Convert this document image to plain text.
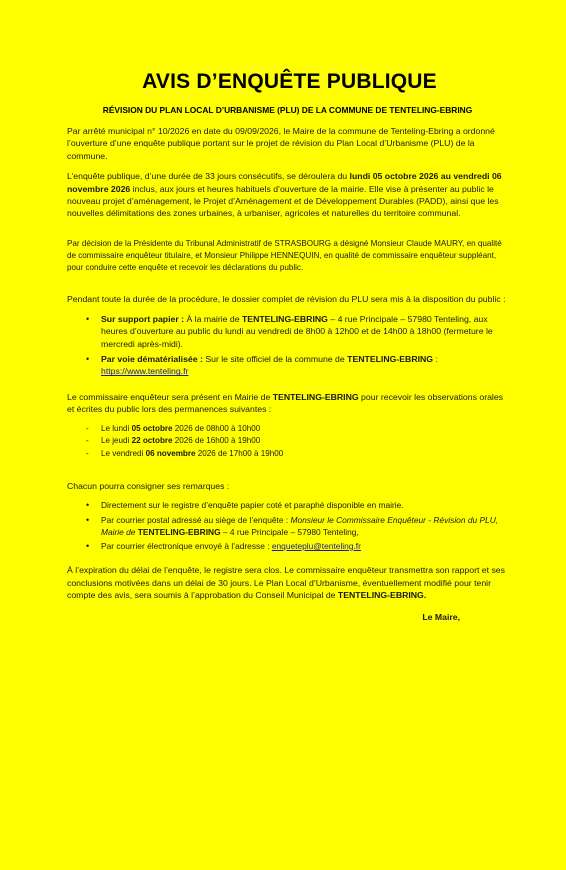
AVIS D’ENQUÊTE PUBLIQUE
RÉVISION DU PLAN LOCAL D’URBANISME (PLU) DE LA COMMUNE DE TENTELING-EBRING

Par arrêté municipal n° 10/2026 en date du 09/09/2026, le Maire de la commune de Tenteling-Ebring a ordonné l’ouverture d’une enquête publique portant sur le projet de révision du Plan Local d’Urbanisme (PLU) de la commune.

L’enquête publique, d’une durée de 33 jours consécutifs, se déroulera du lundi 05 octobre 2026 au vendredi 06 novembre 2026 inclus, aux jours et heures habituels d’ouverture de la mairie. Elle vise à présenter au public le nouveau projet d’aménagement, le Projet d’Aménagement et de Développement Durables (PADD), ainsi que les nouvelles délimitations des zones urbaines, à urbaniser, agricoles et naturelles du territoire communal.

Par décision de la Présidente du Tribunal Administratif de STRASBOURG a désigné Monsieur Claude MAURY, en qualité de commissaire enquêteur titulaire, et Monsieur Philippe HENNEQUIN, en qualité de commissaire enquêteur suppléant, pour conduire cette enquête et recevoir les déclarations du public.

Pendant toute la durée de la procédure, le dossier complet de révision du PLU sera mis à la disposition du public :

• Sur support papier : À la mairie de TENTELING-EBRING – 4 rue Principale – 57980 Tenteling, aux heures d’ouverture au public du lundi au vendredi de 8h00 à 12h00 et de 14h00 à 18h00 (fermeture le mercredi après-midi).
• Par voie dématérialisée : Sur le site officiel de la commune de TENTELING-EBRING :
https://www.tenteling.fr

Le commissaire enquêteur sera présent en Mairie de TENTELING-EBRING pour recevoir les observations orales et écrites du public lors des permanences suivantes :

- Le lundi 05 octobre 2026 de 08h00 à 10h00
- Le jeudi 22 octobre 2026 de 16h00 à 19h00
- Le vendredi 06 novembre 2026 de 17h00 à 19h00

Chacun pourra consigner ses remarques :

• Directement sur le registre d’enquête papier coté et paraphé disponible en mairie.
• Par courrier postal adressé au siège de l’enquête : Monsieur le Commissaire Enquêteur - Révision du PLU, Mairie de TENTELING-EBRING – 4 rue Principale – 57980 Tenteling,
• Par courrier électronique envoyé à l’adresse : enqueteplu@tenteling.fr

À l’expiration du délai de l’enquête, le registre sera clos. Le commissaire enquêteur transmettra son rapport et ses conclusions motivées dans un délai de 30 jours. Le Plan Local d’Urbanisme, éventuellement modifié pour tenir compte des avis, sera soumis à l’approbation du Conseil Municipal de TENTELING-EBRING.

Le Maire,
